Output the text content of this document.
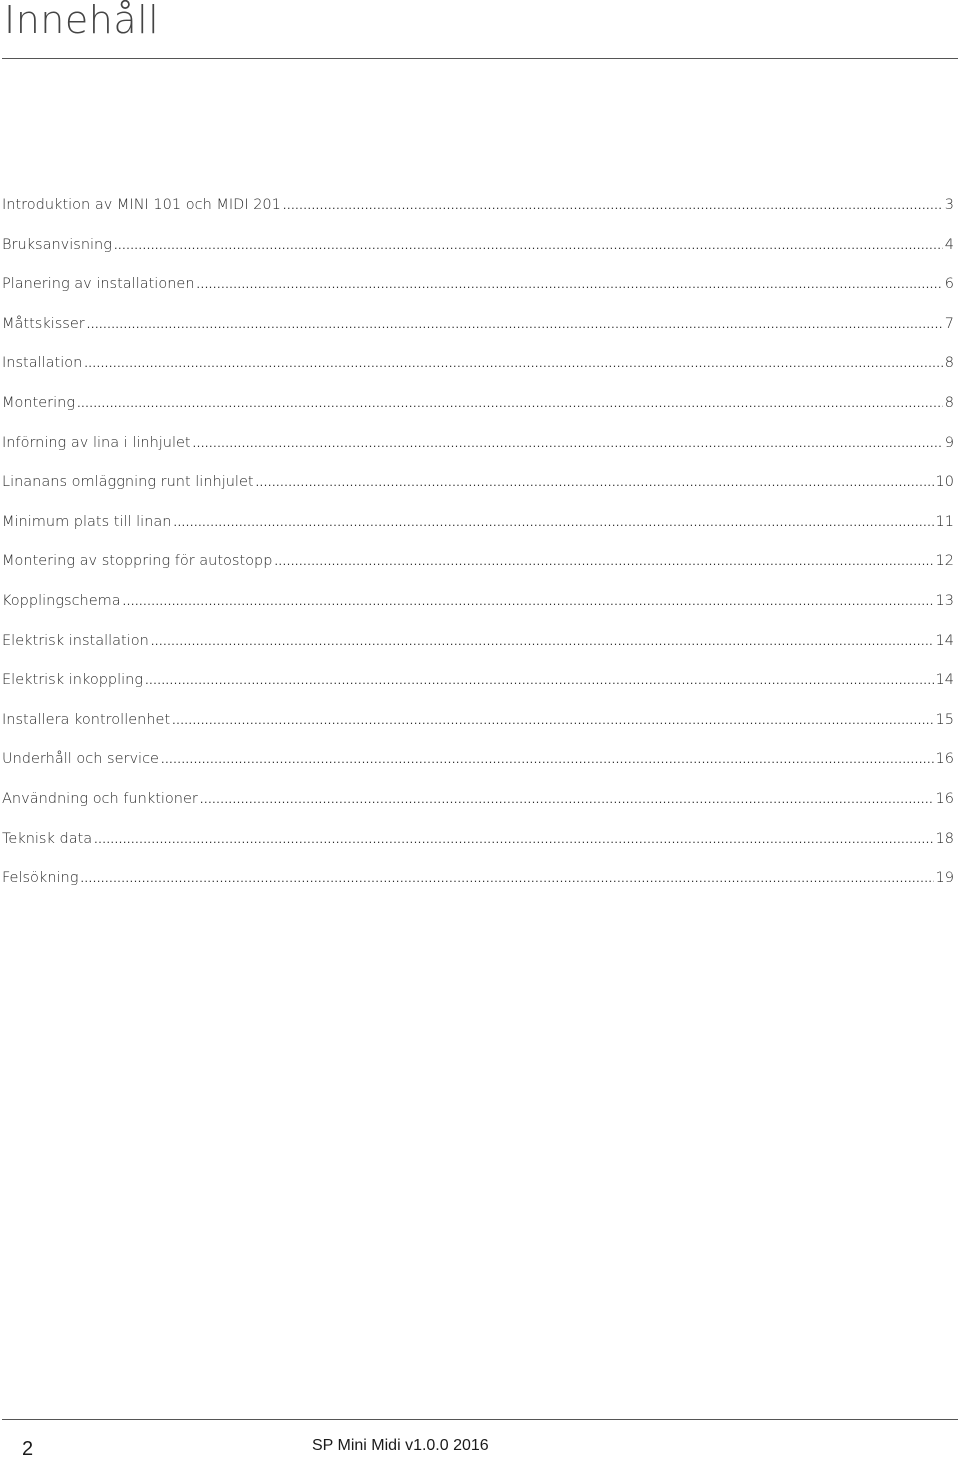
Innehåll
Introduktion av MINI 101 och MIDI 201 .....	3
Bruksanvisning .....	4
Planering av installationen .....	6
Måttskisser .....	7
Installation .....	8
Montering .....	8
Införning av lina i linhjulet .....	9
Linanans omläggning runt linhjulet .....	10
Minimum plats till linan .....	11
Montering av stoppring för autostopp .....	12
Kopplingschema .....	13
Elektrisk installation .....	14
Elektrisk inkoppling .....	14
Installera kontrollenhet .....	15
Underhåll och service .....	16
Användning och funktioner .....	16
Teknisk data .....	18
Felsökning .....	19
2	SP Mini Midi v1.0.0 2016
